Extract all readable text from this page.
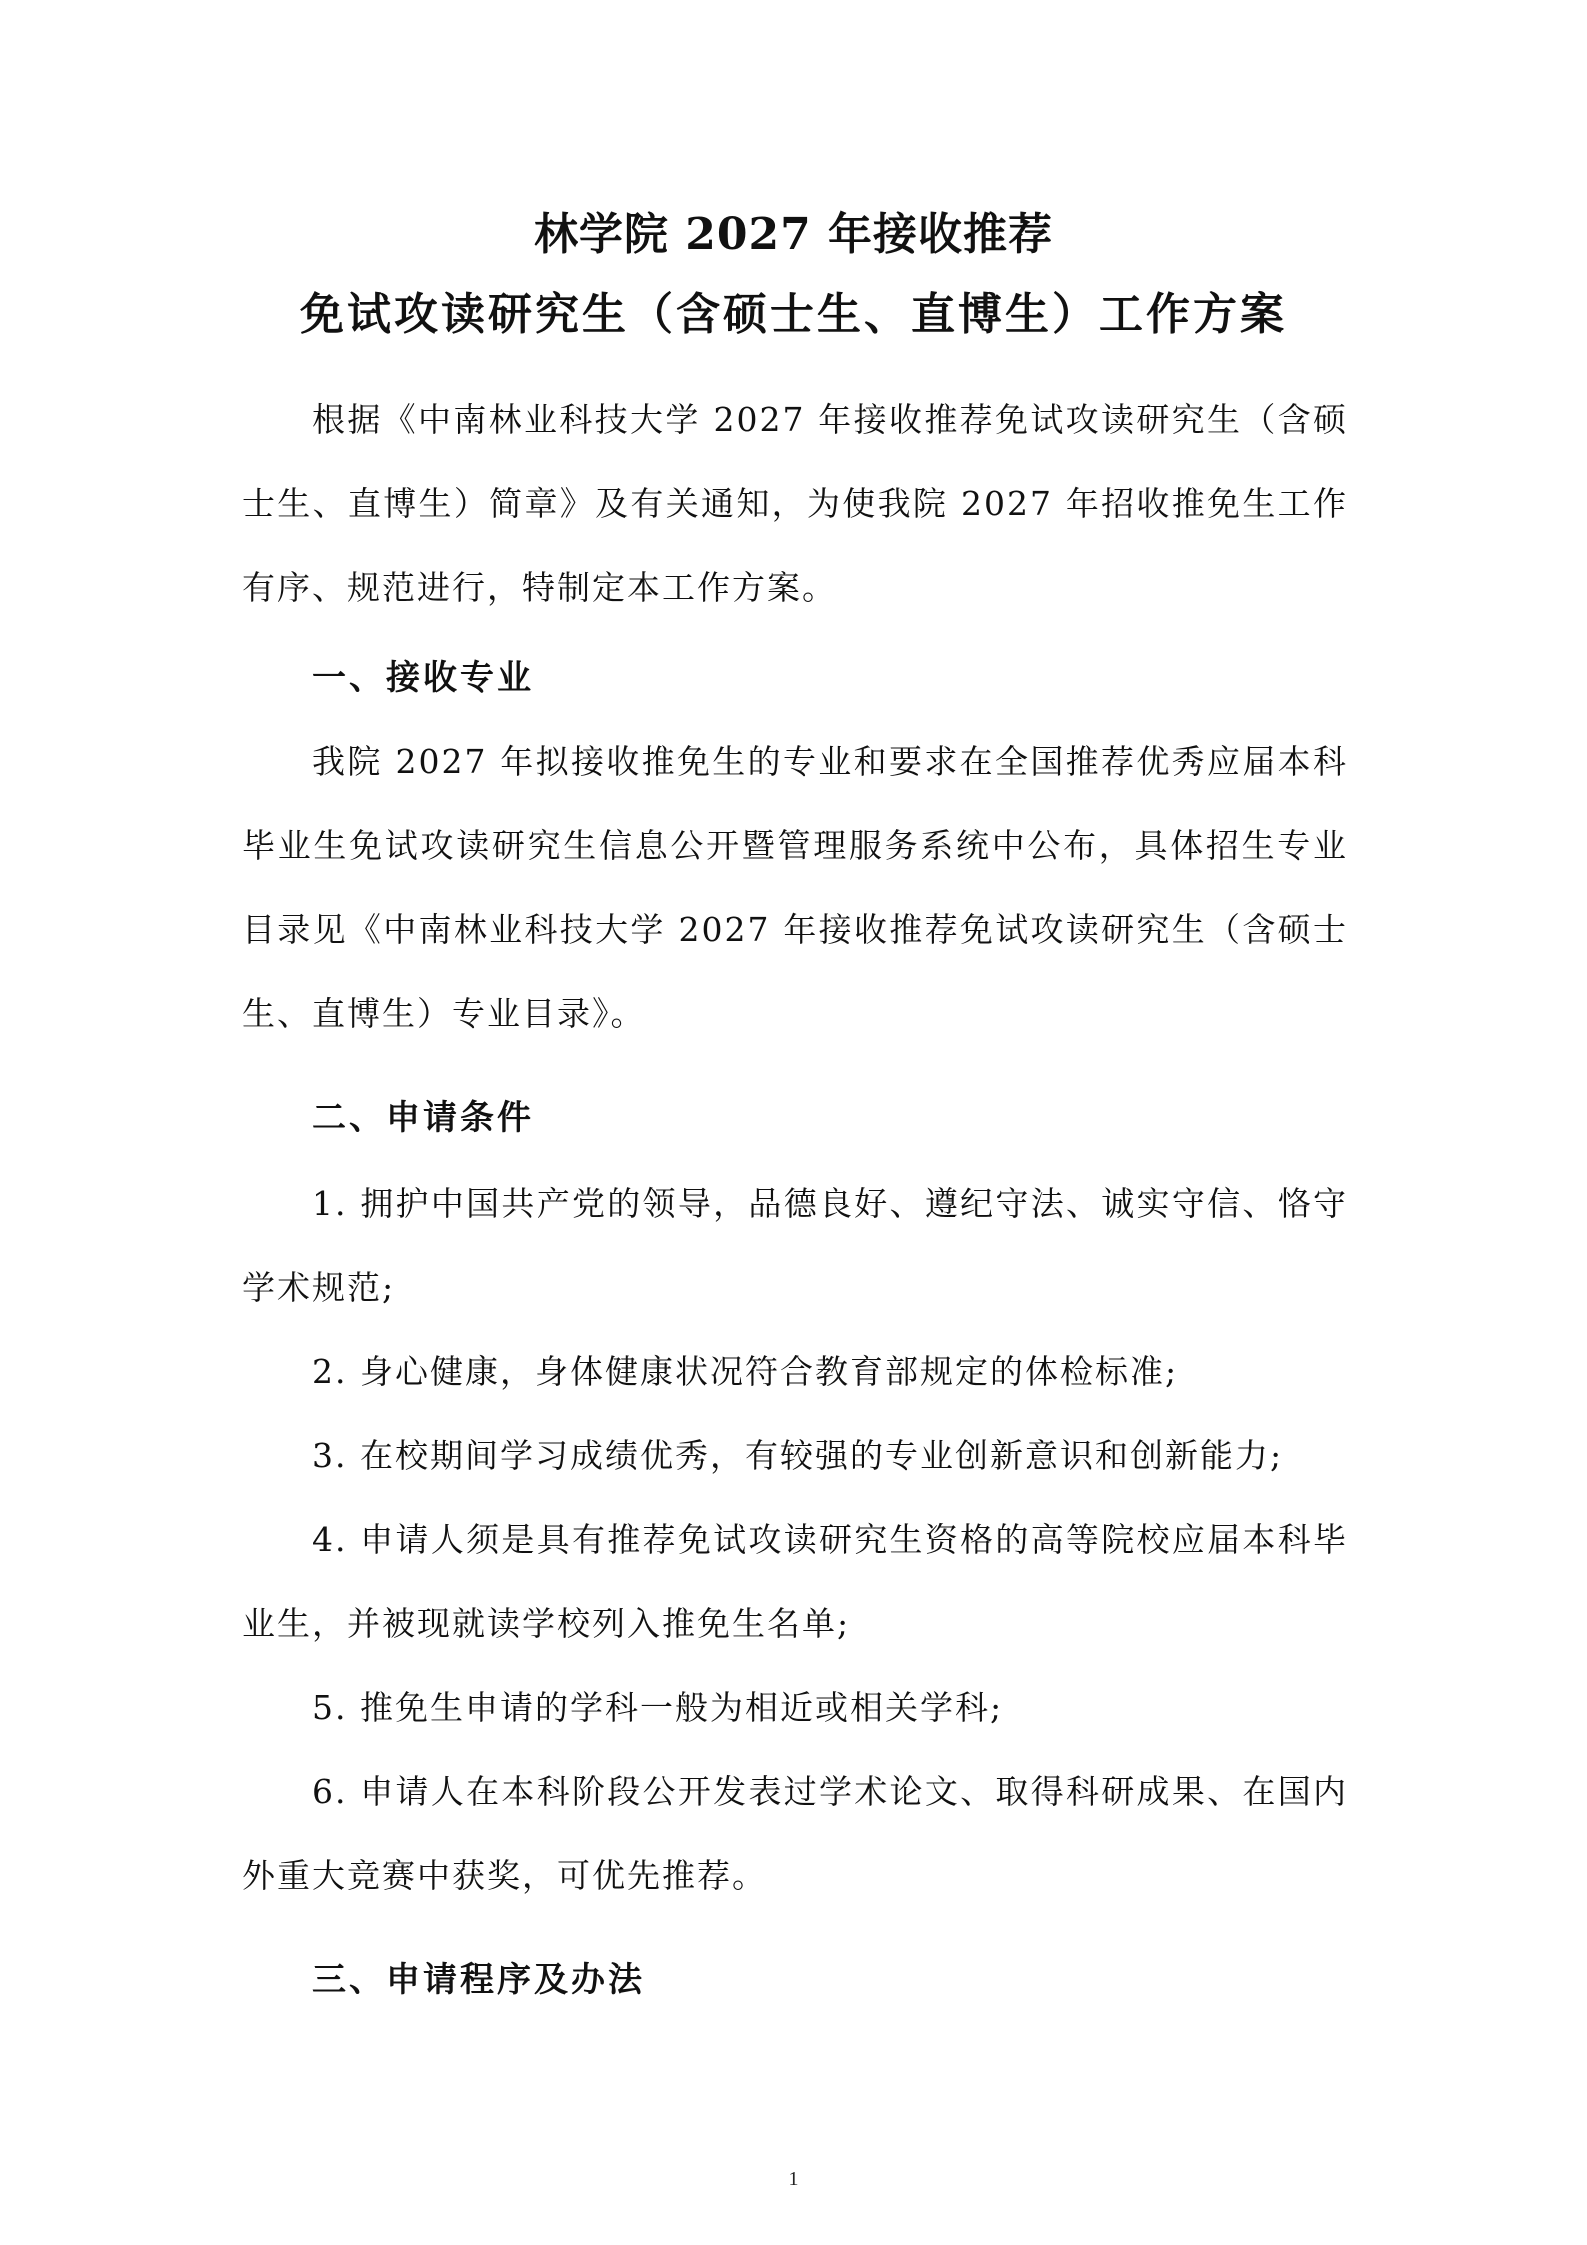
林学院 2027 年接收推荐
免试攻读研究生（含硕士生、直博生）工作方案

根据《中南林业科技大学 2027 年接收推荐免试攻读研究生（含硕士生、直博生）简章》及有关通知，为使我院 2027 年招收推免生工作有序、规范进行，特制定本工作方案。

一、接收专业

我院 2027 年拟接收推免生的专业和要求在全国推荐优秀应届本科毕业生免试攻读研究生信息公开暨管理服务系统中公布，具体招生专业目录见《中南林业科技大学 2027 年接收推荐免试攻读研究生（含硕士生、直博生）专业目录》。

二、申请条件

1. 拥护中国共产党的领导，品德良好、遵纪守法、诚实守信、恪守学术规范;

2. 身心健康，身体健康状况符合教育部规定的体检标准;

3. 在校期间学习成绩优秀，有较强的专业创新意识和创新能力;

4. 申请人须是具有推荐免试攻读研究生资格的高等院校应届本科毕业生，并被现就读学校列入推免生名单;

5. 推免生申请的学科一般为相近或相关学科;

6. 申请人在本科阶段公开发表过学术论文、取得科研成果、在国内外重大竞赛中获奖，可优先推荐。

三、申请程序及办法
1
